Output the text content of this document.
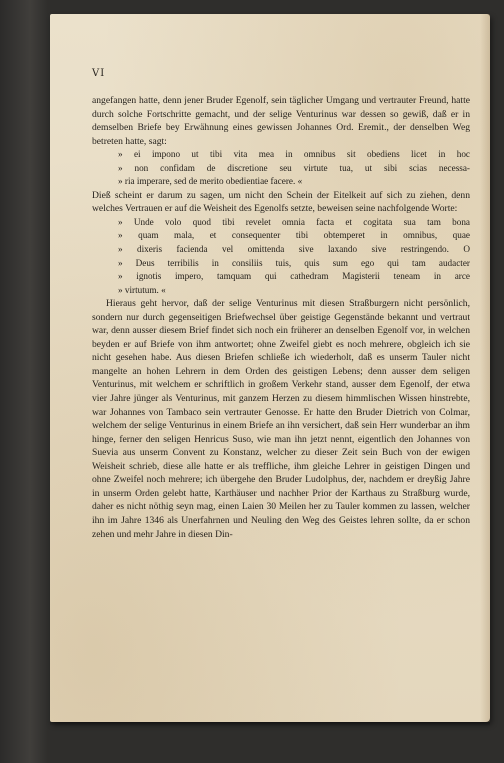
VI

angefangen hatte, denn jener Bruder Egenolf, sein täglicher Umgang und vertrauter Freund, hatte durch solche Fortschritte gemacht, und der selige Venturinus war dessen so gewiß, daß er in demselben Briefe bey Erwähnung eines gewissen Johannes Ord. Eremit., der denselben Weg betreten hatte, sagt:

» ei impono ut tibi vita mea in omnibus sit obediens licet in hoc
» non confidam de discretione seu virtute tua, ut sibi scias necessa-
» ria imperare, sed de merito obedientiae facere. «

Dieß scheint er darum zu sagen, um nicht den Schein der Eitelkeit auf sich zu ziehen, denn welches Vertrauen er auf die Weisheit des Egenolfs setzte, beweisen seine nachfolgende Worte:

» Unde volo quod tibi revelet omnia facta et cogitata sua tam bona
» quam mala, et consequenter tibi obtemperet in omnibus, quae
» dixeris facienda vel omittenda sive laxando sive restringendo. O
» Deus terribilis in consiliis tuis, quis sum ego qui tam audacter
» ignotis impero, tamquam qui cathedram Magisterii teneam in arce
» virtutum. «

Hieraus geht hervor, daß der selige Venturinus mit diesen Straßburgern nicht persönlich, sondern nur durch gegenseitigen Briefwechsel über geistige Gegenstände bekannt und vertraut war, denn ausser diesem Brief findet sich noch ein früherer an denselben Egenolf vor, in welchen beyden er auf Briefe von ihm antwortet; ohne Zweifel giebt es noch mehrere, obgleich ich sie nicht gesehen habe. Aus diesen Briefen schließe ich wiederholt, daß es unserm Tauler nicht mangelte an hohen Lehrern in dem Orden des geistigen Lebens; denn ausser dem seligen Venturinus, mit welchem er schriftlich in großem Verkehr stand, ausser dem Egenolf, der etwa vier Jahre jünger als Venturinus, mit ganzem Herzen zu diesem himmlischen Wissen hinstrebte, war Johannes von Tambaco sein vertrauter Genosse. Er hatte den Bruder Dietrich von Colmar, welchem der selige Venturinus in einem Briefe an ihn versichert, daß sein Herr wunderbar an ihm hinge, ferner den seligen Henricus Suso, wie man ihn jetzt nennt, eigentlich den Johannes von Suevia aus unserm Convent zu Konstanz, welcher zu dieser Zeit sein Buch von der ewigen Weisheit schrieb, diese alle hatte er als treffliche, ihm gleiche Lehrer in geistigen Dingen und ohne Zweifel noch mehrere; ich übergehe den Bruder Ludolphus, der, nachdem er dreyßig Jahre in unserm Orden gelebt hatte, Karthäuser und nachher Prior der Karthaus zu Straßburg wurde, daher es nicht nöthig seyn mag, einen Laien 30 Meilen her zu Tauler kommen zu lassen, welcher ihn im Jahre 1346 als Unerfahrnen und Neuling den Weg des Geistes lehren sollte, da er schon zehen und mehr Jahre in diesen Din-
